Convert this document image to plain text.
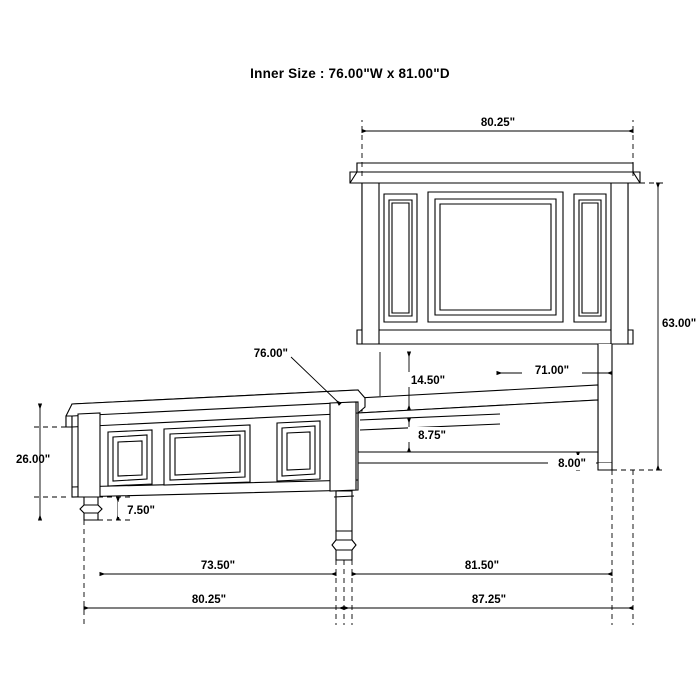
Inner Size : 76.00"W x 81.00"D
80.25"
63.00"
71.00"
14.50"
8.75"
8.00"
26.00"
7.50"
76.00"
73.50"	81.50"
80.25"	87.25"
